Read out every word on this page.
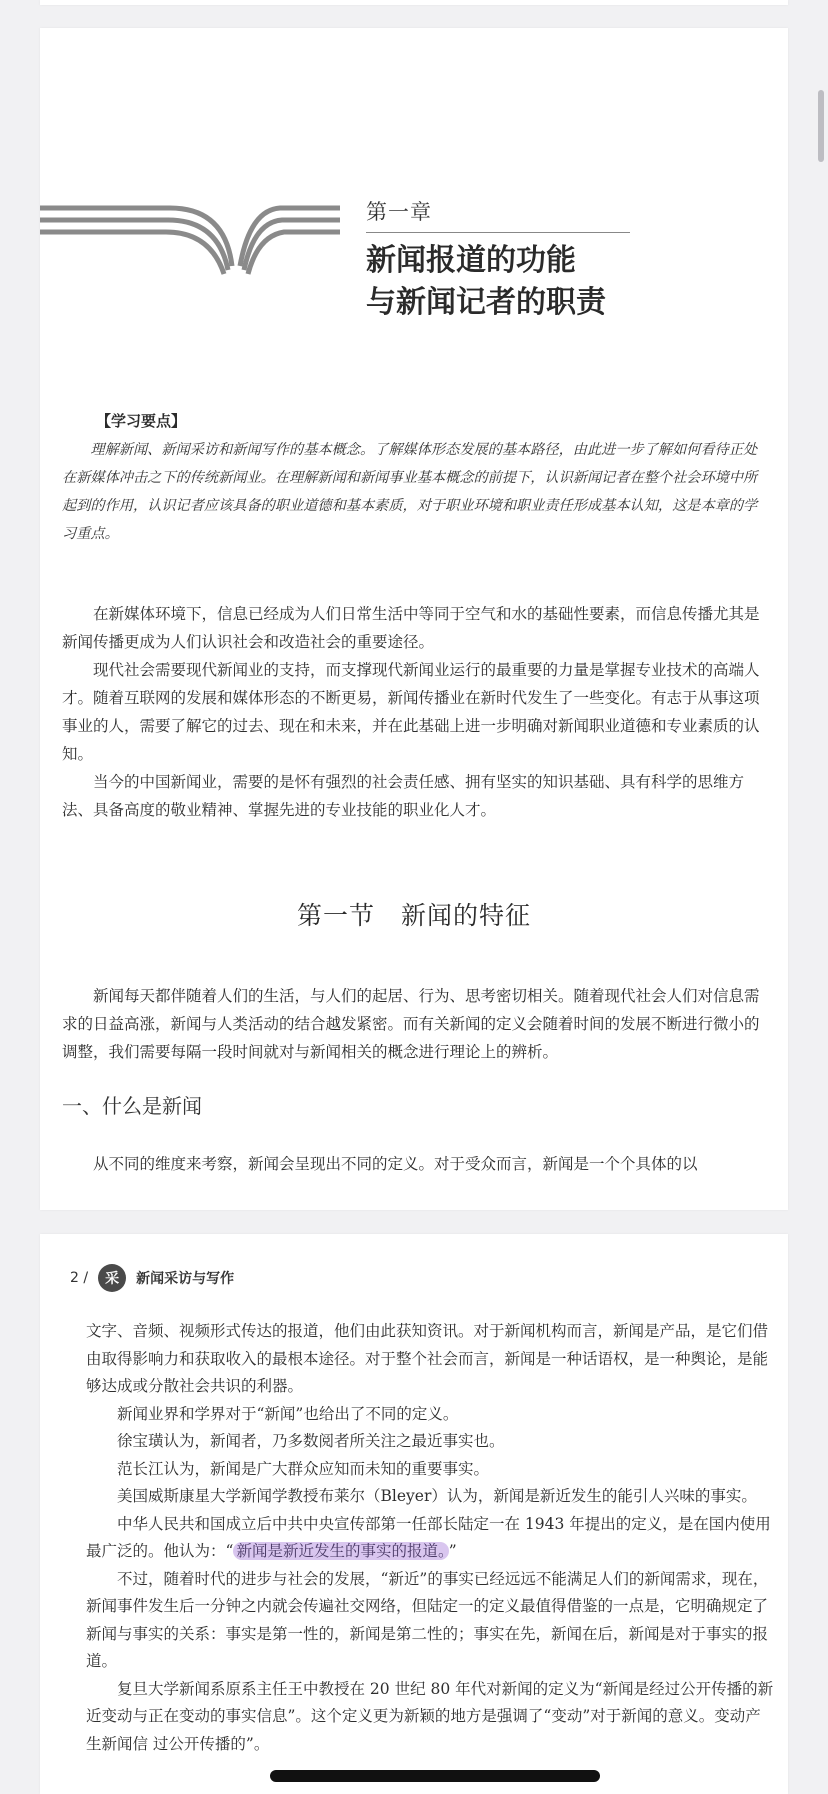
第一章
新闻报道的功能
与新闻记者的职责
【学习要点】
理解新闻、新闻采访和新闻写作的基本概念。了解媒体形态发展的基本路径，由此进一步了解如何看待正处在新媒体冲击之下的传统新闻业。在理解新闻和新闻事业基本概念的前提下，认识新闻记者在整个社会环境中所起到的作用，认识记者应该具备的职业道德和基本素质，对于职业环境和职业责任形成基本认知，这是本章的学习重点。

在新媒体环境下，信息已经成为人们日常生活中等同于空气和水的基础性要素，而信息传播尤其是新闻传播更成为人们认识社会和改造社会的重要途径。

现代社会需要现代新闻业的支持，而支撑现代新闻业运行的最重要的力量是掌握专业技术的高端人才。随着互联网的发展和媒体形态的不断更易，新闻传播业在新时代发生了一些变化。有志于从事这项事业的人，需要了解它的过去、现在和未来，并在此基础上进一步明确对新闻职业道德和专业素质的认知。

当今的中国新闻业，需要的是怀有强烈的社会责任感、拥有坚实的知识基础、具有科学的思维方法、具备高度的敬业精神、掌握先进的专业技能的职业化人才。

第一节　新闻的特征

新闻每天都伴随着人们的生活，与人们的起居、行为、思考密切相关。随着现代社会人们对信息需求的日益高涨，新闻与人类活动的结合越发紧密。而有关新闻的定义会随着时间的发展不断进行微小的调整，我们需要每隔一段时间就对与新闻相关的概念进行理论上的辨析。

一、什么是新闻

从不同的维度来考察，新闻会呈现出不同的定义。对于受众而言，新闻是一个个具体的以

2 / 采 新闻采访与写作

文字、音频、视频形式传达的报道，他们由此获知资讯。对于新闻机构而言，新闻是产品，是它们借由取得影响力和获取收入的最根本途径。对于整个社会而言，新闻是一种话语权，是一种舆论，是能够达成或分散社会共识的利器。

新闻业界和学界对于“新闻”也给出了不同的定义。

徐宝璜认为，新闻者，乃多数阅者所关注之最近事实也。

范长江认为，新闻是广大群众应知而未知的重要事实。

美国威斯康星大学新闻学教授布莱尔（Bleyer）认为，新闻是新近发生的能引人兴味的事实。

中华人民共和国成立后中共中央宣传部第一任部长陆定一在 1943 年提出的定义，是在国内使用最广泛的。他认为：“ 新闻是新近发生的事实的报道。 ”

不过，随着时代的进步与社会的发展，“新近”的事实已经远远不能满足人们的新闻需求，现在，新闻事件发生后一分钟之内就会传遍社交网络，但陆定一的定义最值得借鉴的一点是，它明确规定了新闻与事实的关系：事实是第一性的，新闻是第二性的；事实在先，新闻在后，新闻是对于事实的报道。

复旦大学新闻系原系主任王中教授在 20 世纪 80 年代对新闻的定义为“新闻是经过公开传播的新近变动与正在变动的事实信息”。这个定义更为新颖的地方是强调了“变动”对于新闻的意义。变动产生新闻信 过公开传播的”。
